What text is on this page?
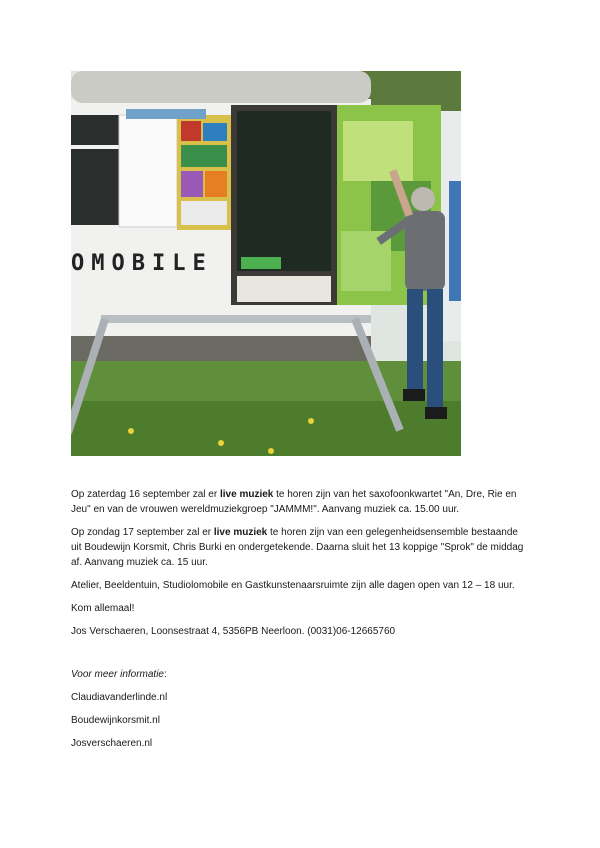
OMOBILE

Op zaterdag 16 september zal er live muziek te horen zijn van het saxofoonkwartet "An, Dre, Rie en Jeu" en van de vrouwen wereldmuziekgroep "JAMMM!". Aanvang muziek ca. 15.00 uur.

Op zondag 17 september zal er live muziek te horen zijn van een gelegenheidsensemble bestaande uit Boudewijn Korsmit, Chris Burki en ondergetekende. Daarna sluit het 13 koppige "Sprok" de middag af. Aanvang muziek ca. 15 uur.

Atelier, Beeldentuin, Studiolomobile en Gastkunstenaarsruimte zijn alle dagen open van 12 – 18 uur.

Kom allemaal!

Jos Verschaeren, Loonsestraat 4, 5356PB Neerloon. (0031)06-12665760

Voor meer informatie:

Claudiavanderlinde.nl

Boudewijnkorsmit.nl

Josverschaeren.nl
